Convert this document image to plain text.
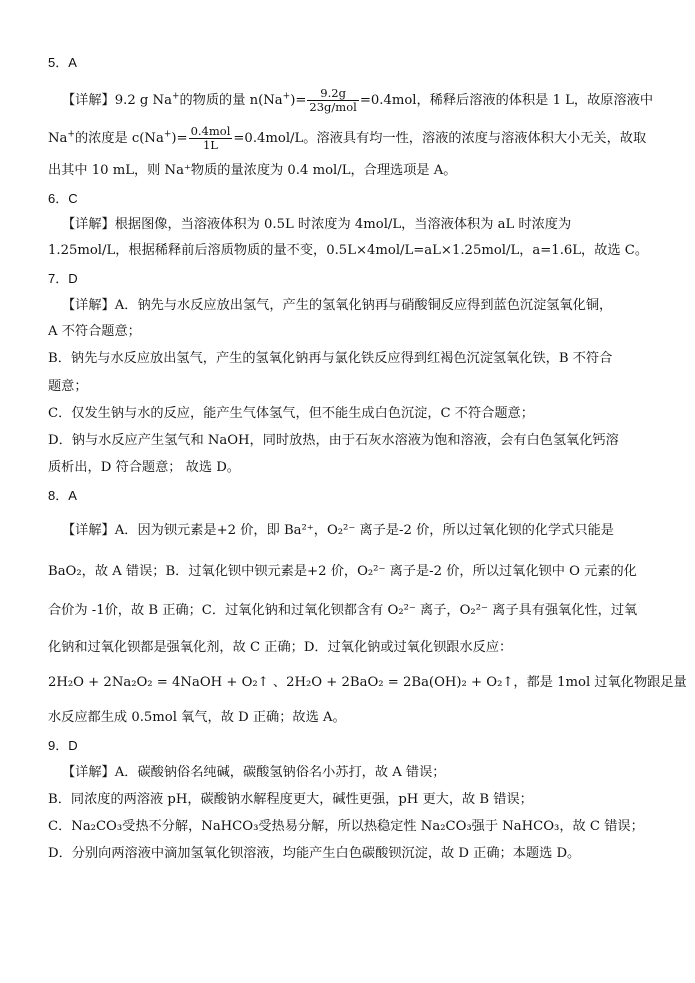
5．A
【详解】9.2 g Na+的物质的量 $n(Na^+)= \frac{9.2g}{\text{23g/mol}} =0.4mol$，稀释后溶液的体积是 1 L，故原溶液中
Na+的浓度是 $c(Na^+)= \frac{\text{0.4mol}}{1L} =0.4mol/L$。溶液具有均一性，溶液的浓度与溶液体积大小无关，故取
出其中 10 mL，则 Na⁺物质的量浓度为 0.4 mol/L，合理选项是 A。
6．C
【详解】根据图像，当溶液体积为 0.5L 时浓度为 4mol/L，当溶液体积为 aL 时浓度为
1.25mol/L，根据稀释前后溶质物质的量不变，0.5L×4mol/L=aL×1.25mol/L，a=1.6L，故选 C。
7．D
【详解】A．钠先与水反应放出氢气，产生的氢氧化钠再与硝酸铜反应得到蓝色沉淀氢氧化铜，
A 不符合题意；
B．钠先与水反应放出氢气，产生的氢氧化钠再与氯化铁反应得到红褐色沉淀氢氧化铁，B 不符合
题意；
C．仅发生钠与水的反应，能产生气体氢气，但不能生成白色沉淀，C 不符合题意；
D．钠与水反应产生氢气和 NaOH，同时放热，由于石灰水溶液为饱和溶液，会有白色氢氧化钙溶
质析出，D 符合题意； 故选 D。
8．A
【详解】A．因为钡元素是+2 价，即 Ba²⁺，O₂²⁻ 离子是-2 价，所以过氧化钡的化学式只能是
BaO₂，故 A 错误；B．过氧化钡中钡元素是+2 价，O₂²⁻ 离子是-2 价，所以过氧化钡中 O 元素的化
合价为 -1价，故 B 正确；C．过氧化钠和过氧化钡都含有 O₂²⁻ 离子，O₂²⁻ 离子具有强氧化性，过氧
化钠和过氧化钡都是强氧化剂，故 C 正确；D．过氧化钠或过氧化钡跟水反应：
2H₂O + 2Na₂O₂ = 4NaOH + O₂↑ 、2H₂O + 2BaO₂ = 2Ba(OH)₂ + O₂↑，都是 1mol 过氧化物跟足量
水反应都生成 0.5mol 氧气，故 D 正确；故选 A。
9．D
【详解】A．碳酸钠俗名纯碱，碳酸氢钠俗名小苏打，故 A 错误；
B．同浓度的两溶液 pH，碳酸钠水解程度更大，碱性更强，pH 更大，故 B 错误；
C．Na₂CO₃受热不分解，NaHCO₃受热易分解，所以热稳定性 Na₂CO₃强于 NaHCO₃，故 C 错误；
D．分别向两溶液中滴加氢氧化钡溶液，均能产生白色碳酸钡沉淀，故 D 正确；本题选 D。
